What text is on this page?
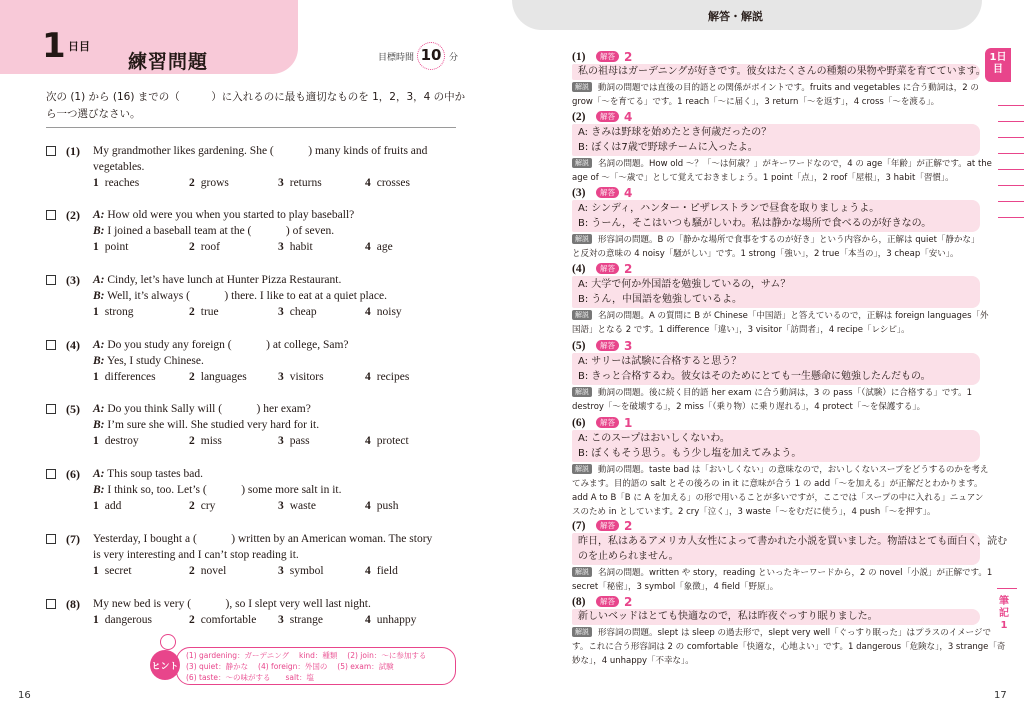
1 日目
練習問題	目標時間 10 分
次の (1) から (16) までの（　　　）に入れるのに最も適切なものを 1，2，3，4 の中か
ら一つ選びなさい。
(1) My grandmother likes gardening. She (　　　) many kinds of fruits and
vegetables.
1 reaches	2 grows	3 returns	4 crosses
(2) A: How old were you when you started to play baseball?
B: I joined a baseball team at the (　　　) of seven.
1 point	2 roof	3 habit	4 age
(3) A: Cindy, let’s have lunch at Hunter Pizza Restaurant.
B: Well, it’s always (　　　) there. I like to eat at a quiet place.
1 strong	2 true	3 cheap	4 noisy
(4) A: Do you study any foreign (　　　) at college, Sam?
B: Yes, I study Chinese.
1 differences	2 languages	3 visitors	4 recipes
(5) A: Do you think Sally will (　　　) her exam?
B: I’m sure she will. She studied very hard for it.
1 destroy	2 miss	3 pass	4 protect
(6) A: This soup tastes bad.
B: I think so, too. Let’s (　　　) some more salt in it.
1 add	2 cry	3 waste	4 push
(7) Yesterday, I bought a (　　　) written by an American woman. The story
is very interesting and I can’t stop reading it.
1 secret	2 novel	3 symbol	4 field
(8) My new bed is very (　　　), so I slept very well last night.
1 dangerous	2 comfortable 3 strange	4 unhappy
ヒント
(1) gardening：ガーデニング　 kind：種類　 (2) join：～に参加する
(3) quiet：静かな　 (4) foreign：外国の　 (5) exam：試験
(6) taste：～の味がする　　salt：塩
16
解答・解説
17
1日目
筆記1
(1)	解答 2
私の祖母はガーデニングが好きです。彼女はたくさんの種類の果物や野菜を育てています。
解説 動詞の問題では直後の目的語との関係がポイントです。fruits and vegetables に合う動詞は，2 の
grow「～を育てる」です。1 reach「～に届く」，3 return「～を返す」，4 cross「～を渡る」。
(2)	解答 4
A: きみは野球を始めたとき何歳だったの？
B: ぼくは7歳で野球チームに入ったよ。
解説 名詞の問題。How old ～？「～は何歳？」がキーワードなので，4 の age「年齢」が正解です。at the
age of ～「～歳で」として覚えておきましょう。1 point「点」，2 roof「屋根」，3 habit「習慣」。
(3)	解答 4
A: シンディ，ハンター・ピザレストランで昼食を取りましょうよ。
B: うーん，そこはいつも騒がしいわ。私は静かな場所で食べるのが好きなの。
解説 形容詞の問題。B の「静かな場所で食事をするのが好き」という内容から，正解は quiet「静かな」
と反対の意味の 4 noisy「騒がしい」です。1 strong「強い」，2 true「本当の」，3 cheap「安い」。
(4)	解答 2
A: 大学で何か外国語を勉強しているの，サム？
B: うん，中国語を勉強しているよ。
解説 名詞の問題。A の質問に B が Chinese「中国語」と答えているので，正解は foreign languages「外
国語」となる 2 です。1 difference「違い」，3 visitor「訪問者」，4 recipe「レシピ」。
(5)	解答 3
A: サリーは試験に合格すると思う？
B: きっと合格するわ。彼女はそのためにとても一生懸命に勉強したんだもの。
解説 動詞の問題。後に続く目的語 her exam に合う動詞は，3 の pass「（試験）に合格する」です。1
destroy「～を破壊する」，2 miss「（乗り物）に乗り遅れる」，4 protect「～を保護する」。
(6)	解答 1
A: このスープはおいしくないわ。
B: ぼくもそう思う。もう少し塩を加えてみよう。
解説 動詞の問題。taste bad は「おいしくない」の意味なので，おいしくないスープをどうするのかを考え
てみます。目的語の salt とその後ろの in it に意味が合う 1 の add「～を加える」が正解だとわかります。
add A to B「B に A を加える」の形で用いることが多いですが，ここでは「スープの中に入れる」ニュアン
スのため in としています。2 cry「泣く」，3 waste「～をむだに使う」，4 push「～を押す」。
(7)	解答 2
昨日，私はあるアメリカ人女性によって書かれた小説を買いました。物語はとても面白く，読む
のを止められません。
解説 名詞の問題。written や story，reading といったキーワードから，2 の novel「小説」が正解です。1
secret「秘密」，3 symbol「象徴」，4 field「野原」。
(8)	解答 2
新しいベッドはとても快適なので，私は昨夜ぐっすり眠りました。
解説 形容詞の問題。slept は sleep の過去形で，slept very well「ぐっすり眠った」はプラスのイメージで
す。これに合う形容詞は 2 の comfortable「快適な，心地よい」です。1 dangerous「危険な」，3 strange「奇
妙な」，4 unhappy「不幸な」。
